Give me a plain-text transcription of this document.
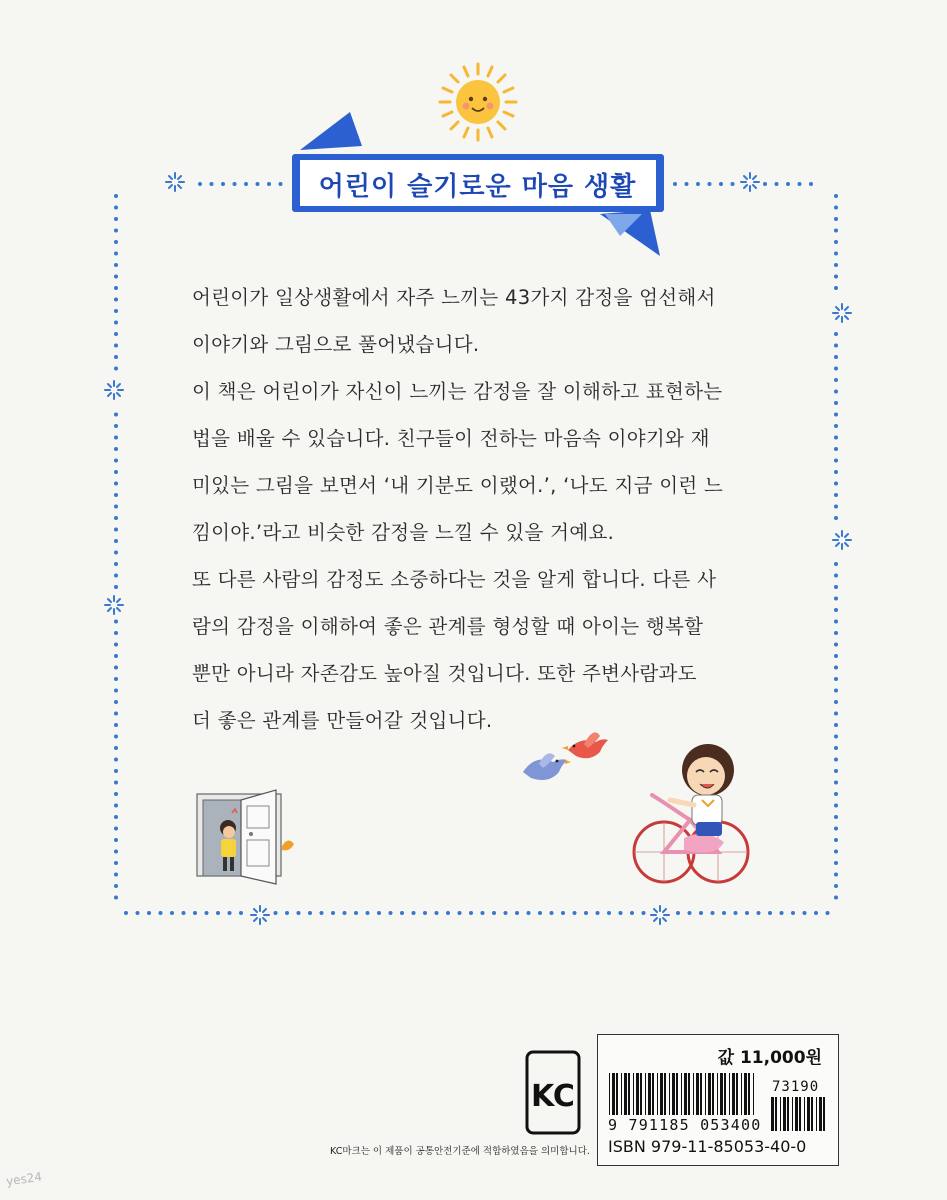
어린이 슬기로운 마음 생활

어린이가 일상생활에서 자주 느끼는 43가지 감정을 엄선해서

이야기와 그림으로 풀어냈습니다.

이 책은 어린이가 자신이 느끼는 감정을 잘 이해하고 표현하는

법을 배울 수 있습니다. 친구들이 전하는 마음속 이야기와 재

미있는 그림을 보면서 ‘내 기분도 이랬어.’, ‘나도 지금 이런 느

낌이야.’라고 비슷한 감정을 느낄 수 있을 거예요.

또 다른 사람의 감정도 소중하다는 것을 알게 합니다. 다른 사

람의 감정을 이해하여 좋은 관계를 형성할 때 아이는 행복할

뿐만 아니라 자존감도 높아질 것입니다. 또한 주변사람과도

더 좋은 관계를 만들어갈 것입니다.

KC
KC마크는 이 제품이 공통안전기준에 적합하였음을 의미합니다.
값 11,000원
73190
9 791185 053400
ISBN 979-11-85053-40-0
yes24
